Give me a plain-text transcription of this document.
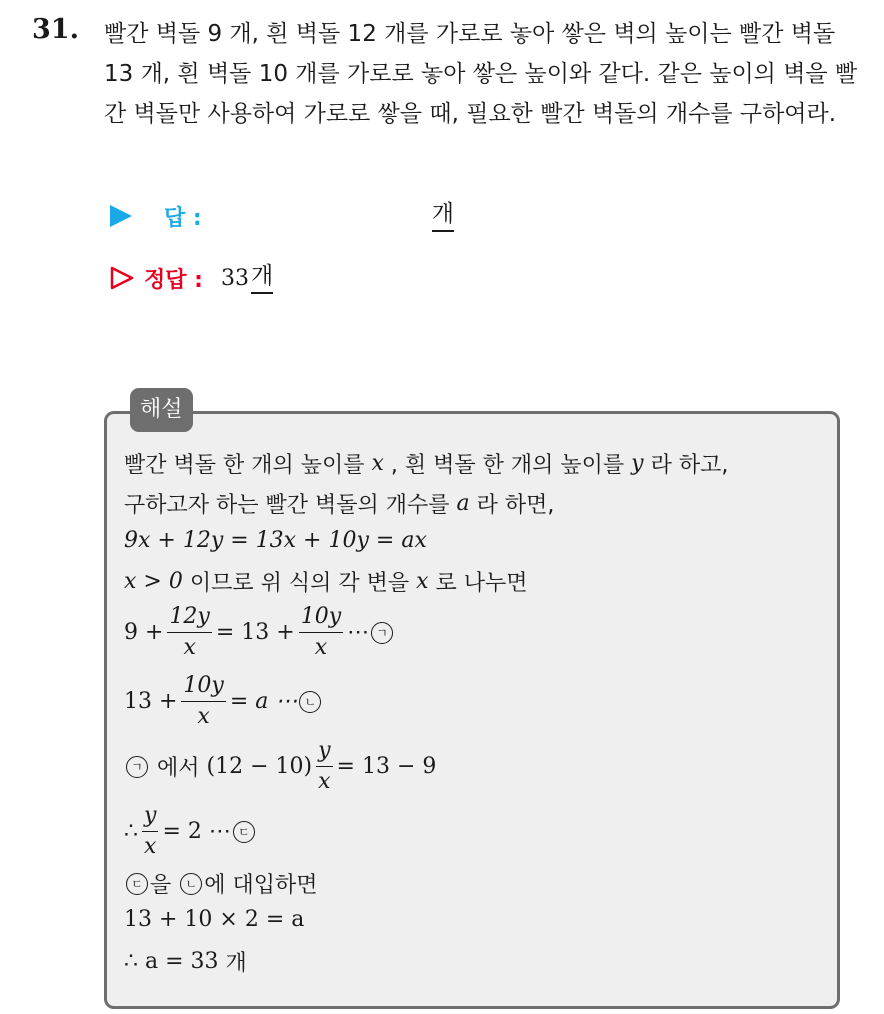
31. 빨간 벽돌 9 개, 흰 벽돌 12 개를 가로로 놓아 쌓은 벽의 높이는 빨간 벽돌 13 개, 흰 벽돌 10 개를 가로로 놓아 쌓은 높이와 같다. 같은 높이의 벽을 빨간 벽돌만 사용하여 가로로 쌓을 때, 필요한 빨간 벽돌의 개수를 구하여라.

답 :	개
정답 : 33 개
해설
빨간 벽돌 한 개의 높이를
x
, 흰 벽돌 한 개의 높이를
y
라 하고,
구하고자 하는 빨간 벽돌의 개수를
a
라 하면,
9x + 12y = 13x + 10y = ax
x > 0
이므로 위 식의 각 변을
x
로 나누면
$9 + \frac{12y}{x} = 13 + \frac{10y}{x}$ ⋯ ㄱ
$13 + \frac{10y}{x} = a$ ⋯ ㄴ
ㄱ
에서
$(12 - 10) \frac{y}{x} = 13 - 9$
∴ $\frac{y}{x} = 2$ ⋯ ㄷ
ㄷ 을
	ㄴ 에 대입하면
13 + 10 × 2 = a
∴ a = 33
개
